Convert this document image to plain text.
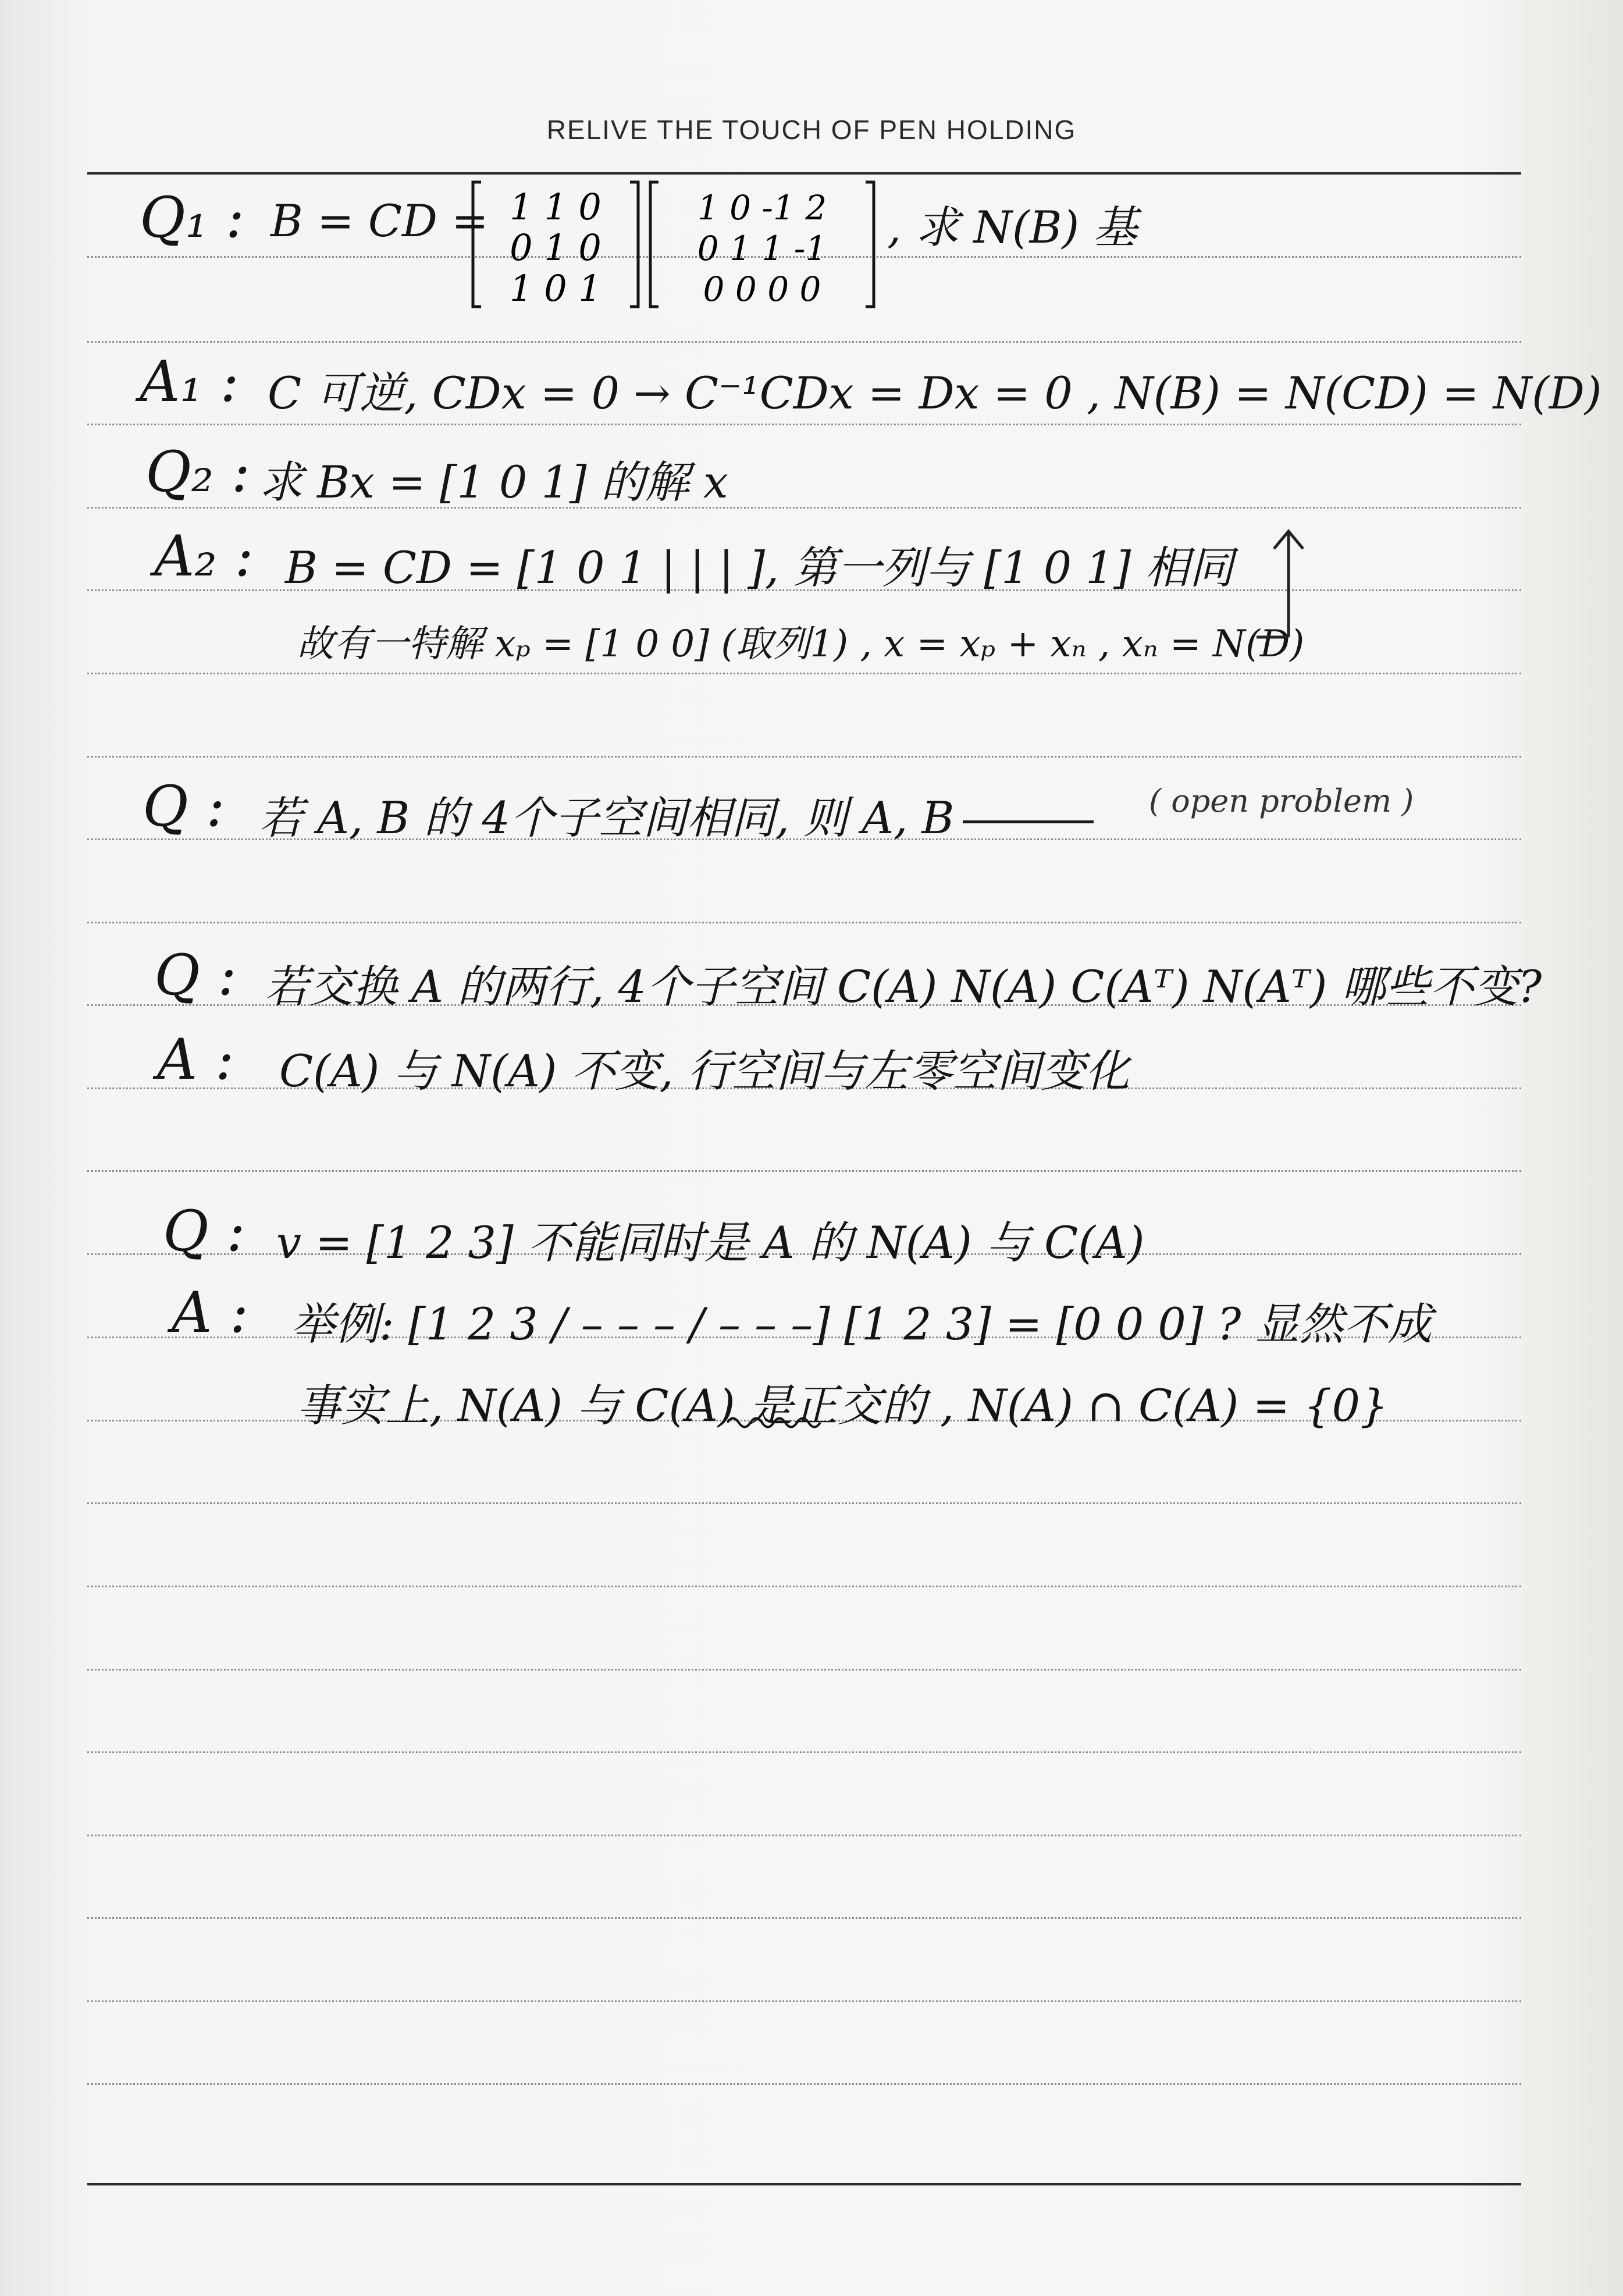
RELIVE THE TOUCH OF PEN HOLDING
Q₁ : B = CD = 1 1 0
0 1 0
1 0 1
1 0 -1 2
0 1 1 -1
0 0 0 0
, 求 N(B) 基
A₁ : C 可逆, CDx = 0 → C⁻¹CDx = Dx = 0 , N(B) = N(CD) = N(D)
Q₂ : 求 Bx = [1 0 1] 的解 x
A₂ : B = CD = [1 0 1 | | | ], 第一列与 [1 0 1] 相同
故有一特解 xₚ = [1 0 0] (取列1) , x = xₚ + xₙ , xₙ = N(D)
Q : 若 A, B 的 4个子空间相同, 则 A, B	( open problem )
Q : 若交换 A 的两行, 4个子空间 C(A) N(A) C(Aᵀ) N(Aᵀ) 哪些不变?
A : C(A) 与 N(A) 不变, 行空间与左零空间变化
Q : v = [1 2 3] 不能同时是 A 的 N(A) 与 C(A)
A : 举例: [1 2 3 / – – – / – – –] [1 2 3] = [0 0 0] ? 显然不成
事实上, N(A) 与 C(A) 是正交的 , N(A) ∩ C(A) = {0}
